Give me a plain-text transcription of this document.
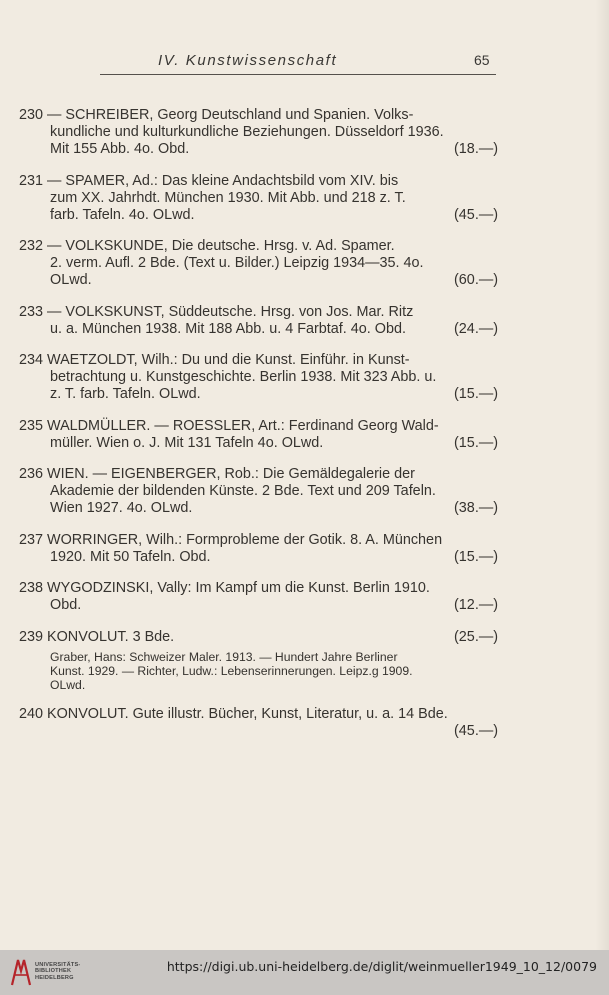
IV. Kunstwissenschaft	65
230 — SCHREIBER, Georg Deutschland und Spanien. Volks-
kundliche und kulturkundliche Beziehungen. Düsseldorf 1936.
Mit 155 Abb. 4o. Obd.	(18.—)
231 — SPAMER, Ad.: Das kleine Andachtsbild vom XIV. bis
zum XX. Jahrhdt. München 1930. Mit Abb. und 218 z. T.
farb. Tafeln. 4o. OLwd.	(45.—)
232 — VOLKSKUNDE, Die deutsche. Hrsg. v. Ad. Spamer.
2. verm. Aufl. 2 Bde. (Text u. Bilder.) Leipzig 1934—35. 4o.
OLwd.	(60.—)
233 — VOLKSKUNST, Süddeutsche. Hrsg. von Jos. Mar. Ritz
u. a. München 1938. Mit 188 Abb. u. 4 Farbtaf. 4o. Obd.	(24.—)
234 WAETZOLDT, Wilh.: Du und die Kunst. Einführ. in Kunst-
betrachtung u. Kunstgeschichte. Berlin 1938. Mit 323 Abb. u.
z. T. farb. Tafeln. OLwd.	(15.—)
235 WALDMÜLLER. — ROESSLER, Art.: Ferdinand Georg Wald-
müller. Wien o. J. Mit 131 Tafeln 4o. OLwd.	(15.—)
236 WIEN. — EIGENBERGER, Rob.: Die Gemäldegalerie der
Akademie der bildenden Künste. 2 Bde. Text und 209 Tafeln.
Wien 1927. 4o. OLwd.	(38.—)
237 WORRINGER, Wilh.: Formprobleme der Gotik. 8. A. München
1920. Mit 50 Tafeln. Obd.	(15.—)
238 WYGODZINSKI, Vally: Im Kampf um die Kunst. Berlin 1910.
Obd.	(12.—)
239 KONVOLUT. 3 Bde.	(25.—)
Graber, Hans: Schweizer Maler. 1913. — Hundert Jahre Berliner
Kunst. 1929. — Richter, Ludw.: Lebenserinnerungen. Leipz.g 1909.
OLwd.
240 KONVOLUT. Gute illustr. Bücher, Kunst, Literatur, u. a. 14 Bde.
(45.—)
UNIVERSITÄTS-
BIBLIOTHEK
HEIDELBERG
https://digi.ub.uni-heidelberg.de/diglit/weinmueller1949_10_12/0079
